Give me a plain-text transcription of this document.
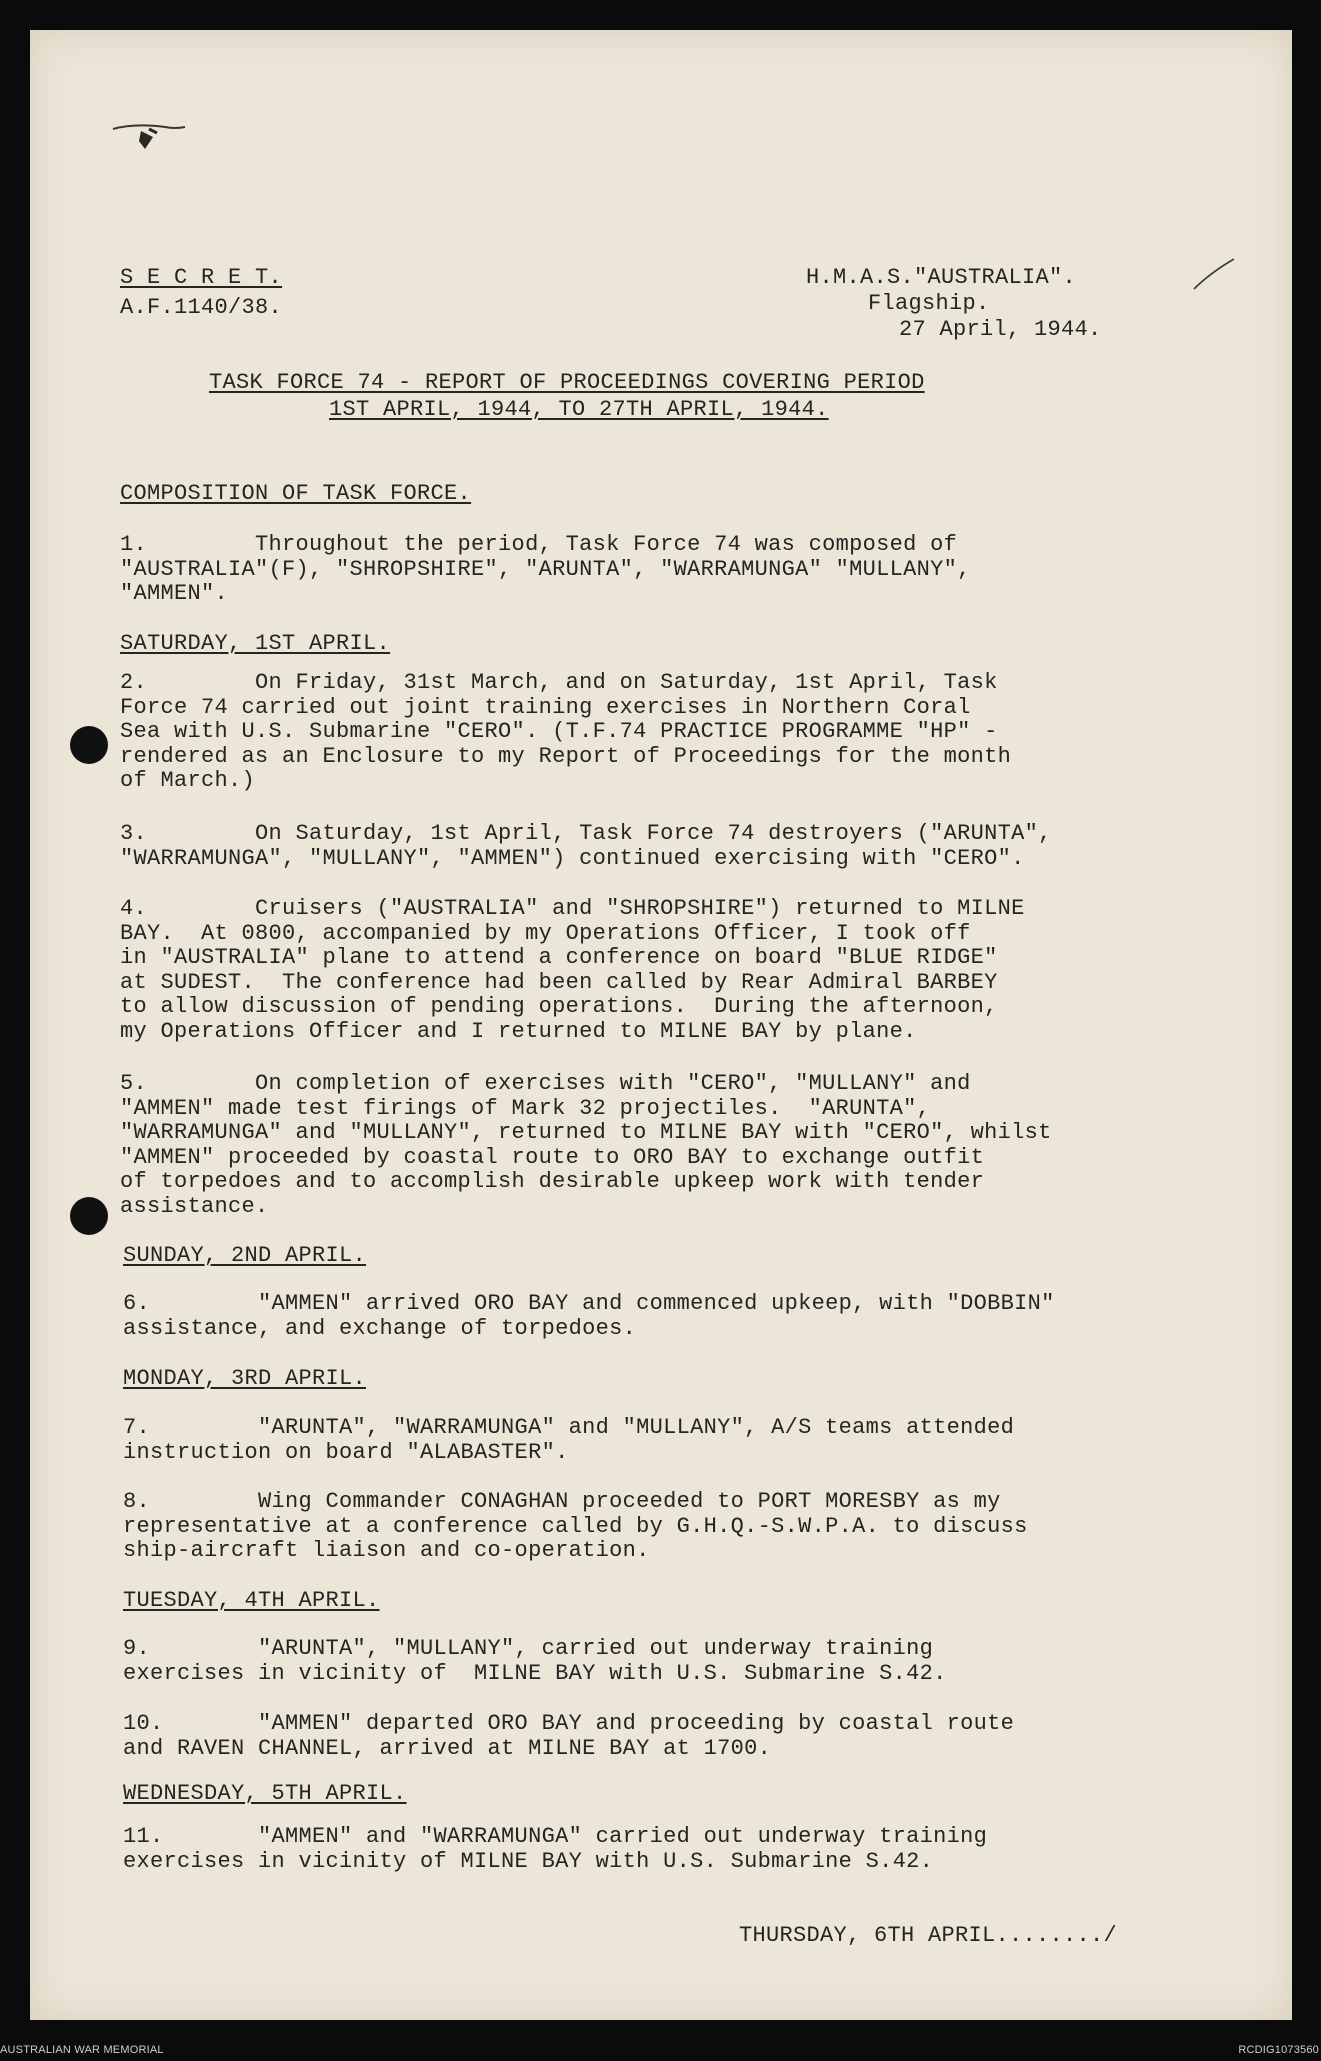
S E C R E T.
A.F.1140/38.
H.M.A.S."AUSTRALIA".
Flagship.
27 April, 1944.
TASK FORCE 74 - REPORT OF PROCEEDINGS COVERING PERIOD
1ST APRIL, 1944, TO 27TH APRIL, 1944.
COMPOSITION OF TASK FORCE.
1.        Throughout the period, Task Force 74 was composed of
"AUSTRALIA"(F), "SHROPSHIRE", "ARUNTA", "WARRAMUNGA" "MULLANY",
"AMMEN".
SATURDAY, 1ST APRIL.
2.        On Friday, 31st March, and on Saturday, 1st April, Task
Force 74 carried out joint training exercises in Northern Coral
Sea with U.S. Submarine "CERO". (T.F.74 PRACTICE PROGRAMME "HP" -
rendered as an Enclosure to my Report of Proceedings for the month
of March.)
3.        On Saturday, 1st April, Task Force 74 destroyers ("ARUNTA",
"WARRAMUNGA", "MULLANY", "AMMEN") continued exercising with "CERO".
4.        Cruisers ("AUSTRALIA" and "SHROPSHIRE") returned to MILNE
BAY.  At 0800, accompanied by my Operations Officer, I took off
in "AUSTRALIA" plane to attend a conference on board "BLUE RIDGE"
at SUDEST.  The conference had been called by Rear Admiral BARBEY
to allow discussion of pending operations.  During the afternoon,
my Operations Officer and I returned to MILNE BAY by plane.
5.        On completion of exercises with "CERO", "MULLANY" and
"AMMEN" made test firings of Mark 32 projectiles.  "ARUNTA",
"WARRAMUNGA" and "MULLANY", returned to MILNE BAY with "CERO", whilst
"AMMEN" proceeded by coastal route to ORO BAY to exchange outfit
of torpedoes and to accomplish desirable upkeep work with tender
assistance.
SUNDAY, 2ND APRIL.
6.        "AMMEN" arrived ORO BAY and commenced upkeep, with "DOBBIN"
assistance, and exchange of torpedoes.
MONDAY, 3RD APRIL.
7.        "ARUNTA", "WARRAMUNGA" and "MULLANY", A/S teams attended
instruction on board "ALABASTER".
8.        Wing Commander CONAGHAN proceeded to PORT MORESBY as my
representative at a conference called by G.H.Q.-S.W.P.A. to discuss
ship-aircraft liaison and co-operation.
TUESDAY, 4TH APRIL.
9.        "ARUNTA", "MULLANY", carried out underway training
exercises in vicinity of  MILNE BAY with U.S. Submarine S.42.
10.       "AMMEN" departed ORO BAY and proceeding by coastal route
and RAVEN CHANNEL, arrived at MILNE BAY at 1700.
WEDNESDAY, 5TH APRIL.
11.       "AMMEN" and "WARRAMUNGA" carried out underway training
exercises in vicinity of MILNE BAY with U.S. Submarine S.42.
THURSDAY, 6TH APRIL......../
AUSTRALIAN WAR MEMORIAL	RCDIG1073560
